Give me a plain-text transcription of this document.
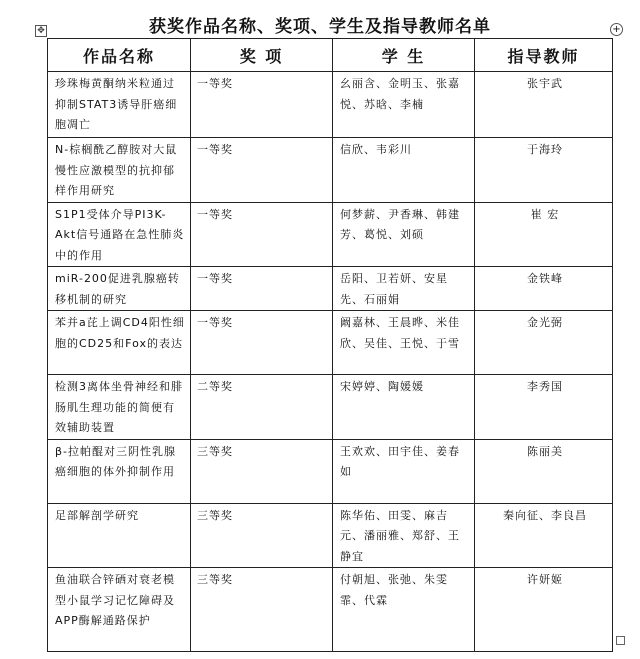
获奖作品名称、奖项、学生及指导教师名单
✥	+
作品名称	奖 项	学 生	指导教师
珍珠梅黄酮纳米粒通过抑制STAT3诱导肝癌细胞凋亡	一等奖	幺丽含、金明玉、张嘉悦、苏晗、李楠	张宇武
N-棕榈酰乙醇胺对大鼠慢性应激模型的抗抑郁样作用研究	一等奖	信欣、韦彩川	于海玲
S1P1受体介导PI3K-Akt信号通路在急性肺炎中的作用	一等奖	何梦薪、尹香琳、韩建芳、葛悦、刘硕	崔 宏
miR-200促进乳腺癌转移机制的研究	一等奖	岳阳、卫若妍、安星先、石丽娟	金铁峰
苯并a芘上调CD4阳性细胞的CD25和Fox的表达	一等奖	阚嘉林、王晨晔、米佳欣、吴佳、王悦、于雪	金光弼
检测3离体坐骨神经和腓肠肌生理功能的简便有效辅助装置	二等奖	宋婷婷、陶媛媛	李秀国
β-拉帕醌对三阴性乳腺癌细胞的体外抑制作用	三等奖	王欢欢、田宇佳、姜春如	陈丽美
足部解剖学研究	三等奖	陈华佑、田雯、麻吉元、潘丽雅、郑舒、王静宜	秦向征、李良昌
鱼油联合锌硒对衰老模型小鼠学习记忆障碍及APP酶解通路保护	三等奖	付朝旭、张弛、朱雯霏、代霖	许妍姬
